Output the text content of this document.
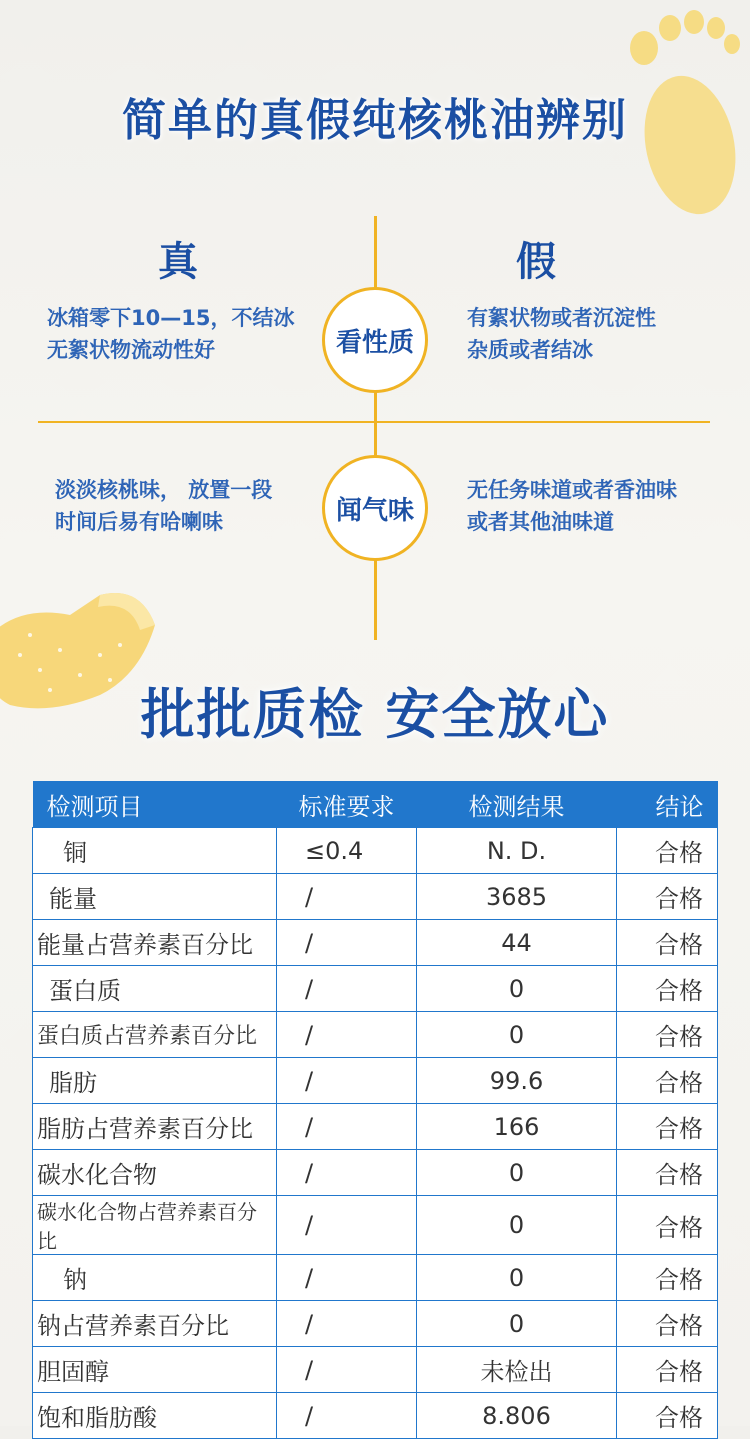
简单的真假纯核桃油辨别
真	假
看性质
冰箱零下10—15，不结冰
无絮状物流动性好
有絮状物或者沉淀性
杂质或者结冰
闻气味
淡淡核桃味， 放置一段
时间后易有哈喇味
无任务味道或者香油味
或者其他油味道
批批质检 安全放心
检测项目	标准要求	检测结果	结论
铜	≤0.4	N. D.	合格
能量	/	3685	合格
能量占营养素百分比	/	44	合格
蛋白质	/	0	合格
蛋白质占营养素百分比	/	0	合格
脂肪	/	99.6	合格
脂肪占营养素百分比	/	166	合格
碳水化合物	/	0	合格
碳水化合物占营养素百分比	/	0	合格
钠	/	0	合格
钠占营养素百分比	/	0	合格
胆固醇	/	未检出	合格
饱和脂肪酸	/	8.806	合格
